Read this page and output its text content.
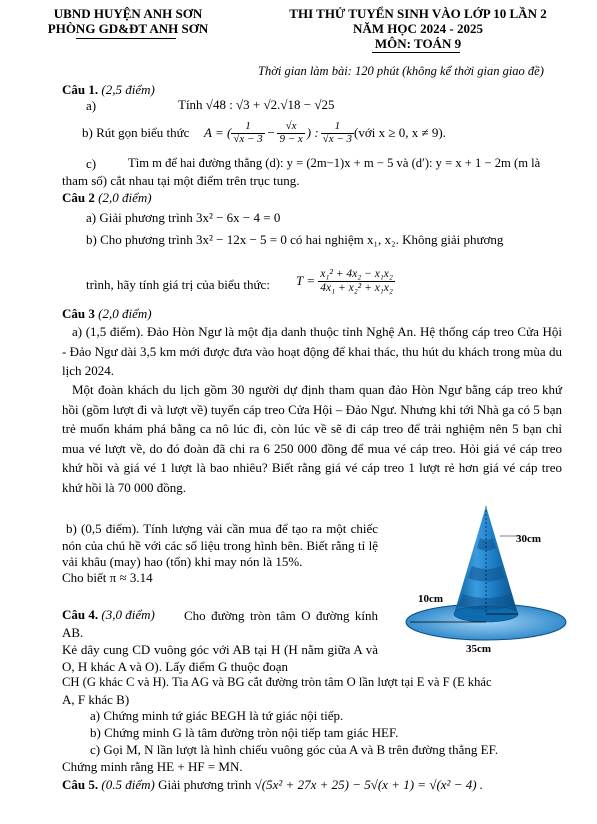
UBND HUYỆN ANH SƠN
PHÒNG GD&ĐT ANH SƠN
THI THỬ TUYỂN SINH VÀO LỚP 10 LẦN 2
NĂM HỌC 2024 - 2025
MÔN: TOÁN 9
Thời gian làm bài: 120 phút (không kể thời gian giao đề)
Câu 1. (2,5 điểm)
a)	Tính √48 : √3 + √2.√18 − √25
b) Rút gọn biểu thức A = ( $\frac{1}{√x - 3} - \frac{√x}{9 - x}$ ) : $\frac{1}{√x - 3}$ (với x ≥ 0, x ≠ 9).
c)	Tìm m để hai đường thẳng (d): y = (2m−1)x + m − 5 và (d′): y = x + 1 − 2m (m là
tham số) cắt nhau tại một điểm trên trục tung.
Câu 2 (2,0 điểm)
a) Giải phương trình 3x² − 6x − 4 = 0
b) Cho phương trình 3x² − 12x − 5 = 0 có hai nghiệm x₁, x₂. Không giải phương
trình, hãy tính giá trị của biểu thức: T =
$\frac{\text{x₁² + 4x₂ − x₁x₂}}{\text{4x₁ + x₂² + x₁x₂}}$
Câu 3 (2,0 điểm)
a) (1,5 điểm). Đảo Hòn Ngư là một địa danh thuộc tỉnh Nghệ An. Hệ thống cáp treo Cửa Hội - Đảo Ngư dài 3,5 km mới được đưa vào hoạt động để khai thác, thu hút du khách trong mùa du lịch 2024.
Một đoàn khách du lịch gồm 30 người dự định tham quan đảo Hòn Ngư bằng cáp treo khứ hồi (gồm lượt đi và lượt về) tuyến cáp treo Cửa Hội – Đảo Ngư. Nhưng khi tới Nhà ga có 5 bạn trẻ muốn khám phá bằng ca nô lúc đi, còn lúc về sẽ đi cáp treo để trải nghiệm nên 5 bạn chỉ mua vé lượt về, do đó đoàn đã chi ra 6 250 000 đồng để mua vé cáp treo. Hỏi giá vé cáp treo khứ hồi và giá vé 1 lượt là bao nhiêu? Biết rằng giá vé cáp treo 1 lượt rẻ hơn giá vé cáp treo khứ hồi là 70 000 đồng.
b) (0,5 điểm). Tính lượng vải cần mua để tạo ra một chiếc nón của chú hề với các số liệu trong hình bên. Biết rằng tỉ lệ vải khâu (may) hao (tổn) khi may nón là 15%.
Cho biết π ≈ 3.14
30cm
10cm
35cm
Câu 4. (3,0 điểm)	Cho đường tròn tâm O đường kính AB.
Kẻ dây cung CD vuông góc với AB tại H (H nằm giữa A và O, H khác A và O). Lấy điểm G thuộc đoạn
CH (G khác C và H). Tia AG và BG cắt đường tròn tâm O lần lượt tại E và F (E khác
A, F khác B)
a) Chứng minh tứ giác BEGH là tứ giác nội tiếp.
b) Chứng minh G là tâm đường tròn nội tiếp tam giác HEF.
c) Gọi M, N lần lượt là hình chiếu vuông góc của A và B trên đường thẳng EF.
Chứng minh rằng HE + HF = MN.
Câu 5. (0.5 điểm) Giải phương trình √(5x² + 27x + 25) − 5√(x + 1) = √(x² − 4) .
